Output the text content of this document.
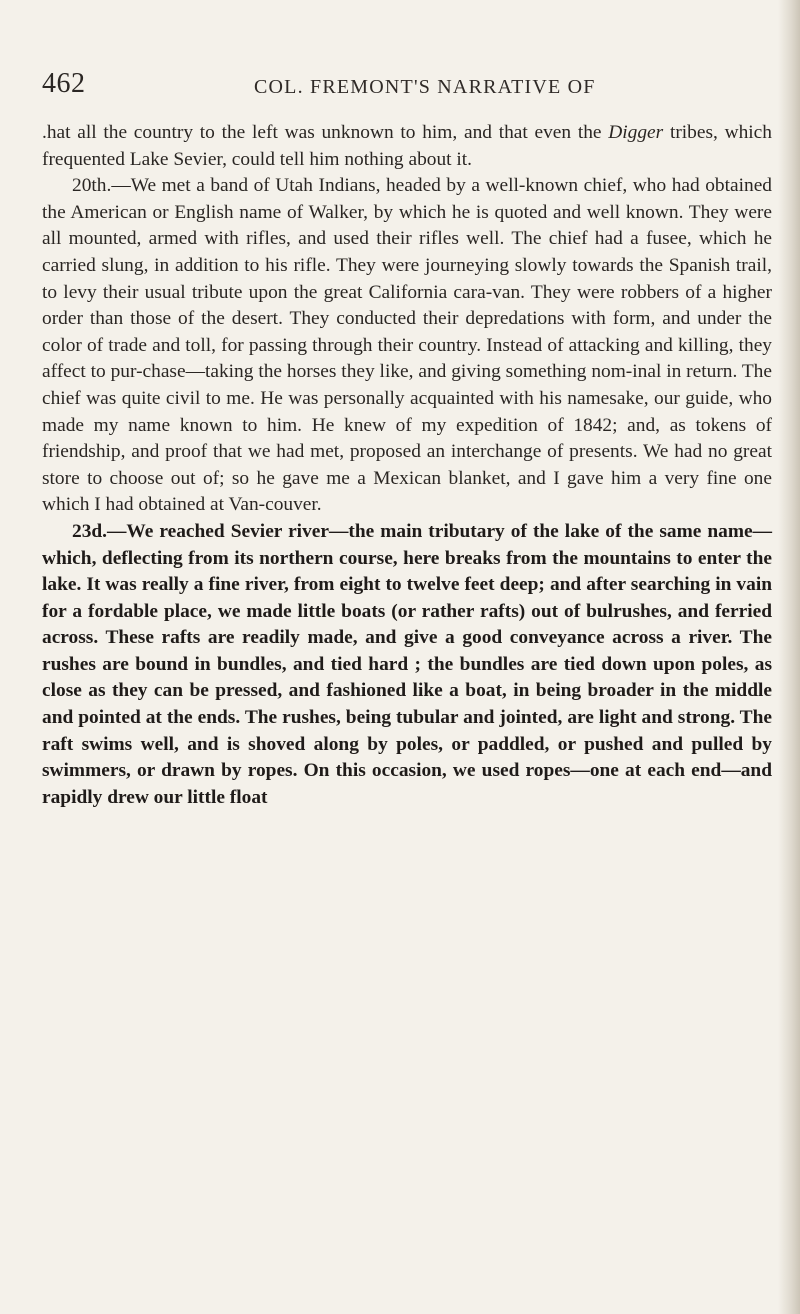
462	COL. FREMONT'S NARRATIVE OF

.hat all the country to the left was unknown to him, and that even the Digger tribes, which frequented Lake Sevier, could tell him nothing about it.

20th.—We met a band of Utah Indians, headed by a well-known chief, who had obtained the American or English name of Walker, by which he is quoted and well known. They were all mounted, armed with rifles, and used their rifles well. The chief had a fusee, which he carried slung, in addition to his rifle. They were journeying slowly towards the Spanish trail, to levy their usual tribute upon the great California cara-van. They were robbers of a higher order than those of the desert. They conducted their depredations with form, and under the color of trade and toll, for passing through their country. Instead of attacking and killing, they affect to pur-chase—taking the horses they like, and giving something nom-inal in return. The chief was quite civil to me. He was personally acquainted with his namesake, our guide, who made my name known to him. He knew of my expedition of 1842; and, as tokens of friendship, and proof that we had met, proposed an interchange of presents. We had no great store to choose out of; so he gave me a Mexican blanket, and I gave him a very fine one which I had obtained at Van-couver.

23d.—We reached Sevier river—the main tributary of the lake of the same name—which, deflecting from its northern course, here breaks from the mountains to enter the lake. It was really a fine river, from eight to twelve feet deep; and after searching in vain for a fordable place, we made little boats (or rather rafts) out of bulrushes, and ferried across. These rafts are readily made, and give a good conveyance across a river. The rushes are bound in bundles, and tied hard ; the bundles are tied down upon poles, as close as they can be pressed, and fashioned like a boat, in being broader in the middle and pointed at the ends. The rushes, being tubular and jointed, are light and strong. The raft swims well, and is shoved along by poles, or paddled, or pushed and pulled by swimmers, or drawn by ropes. On this occasion, we used ropes—one at each end—and rapidly drew our little float
